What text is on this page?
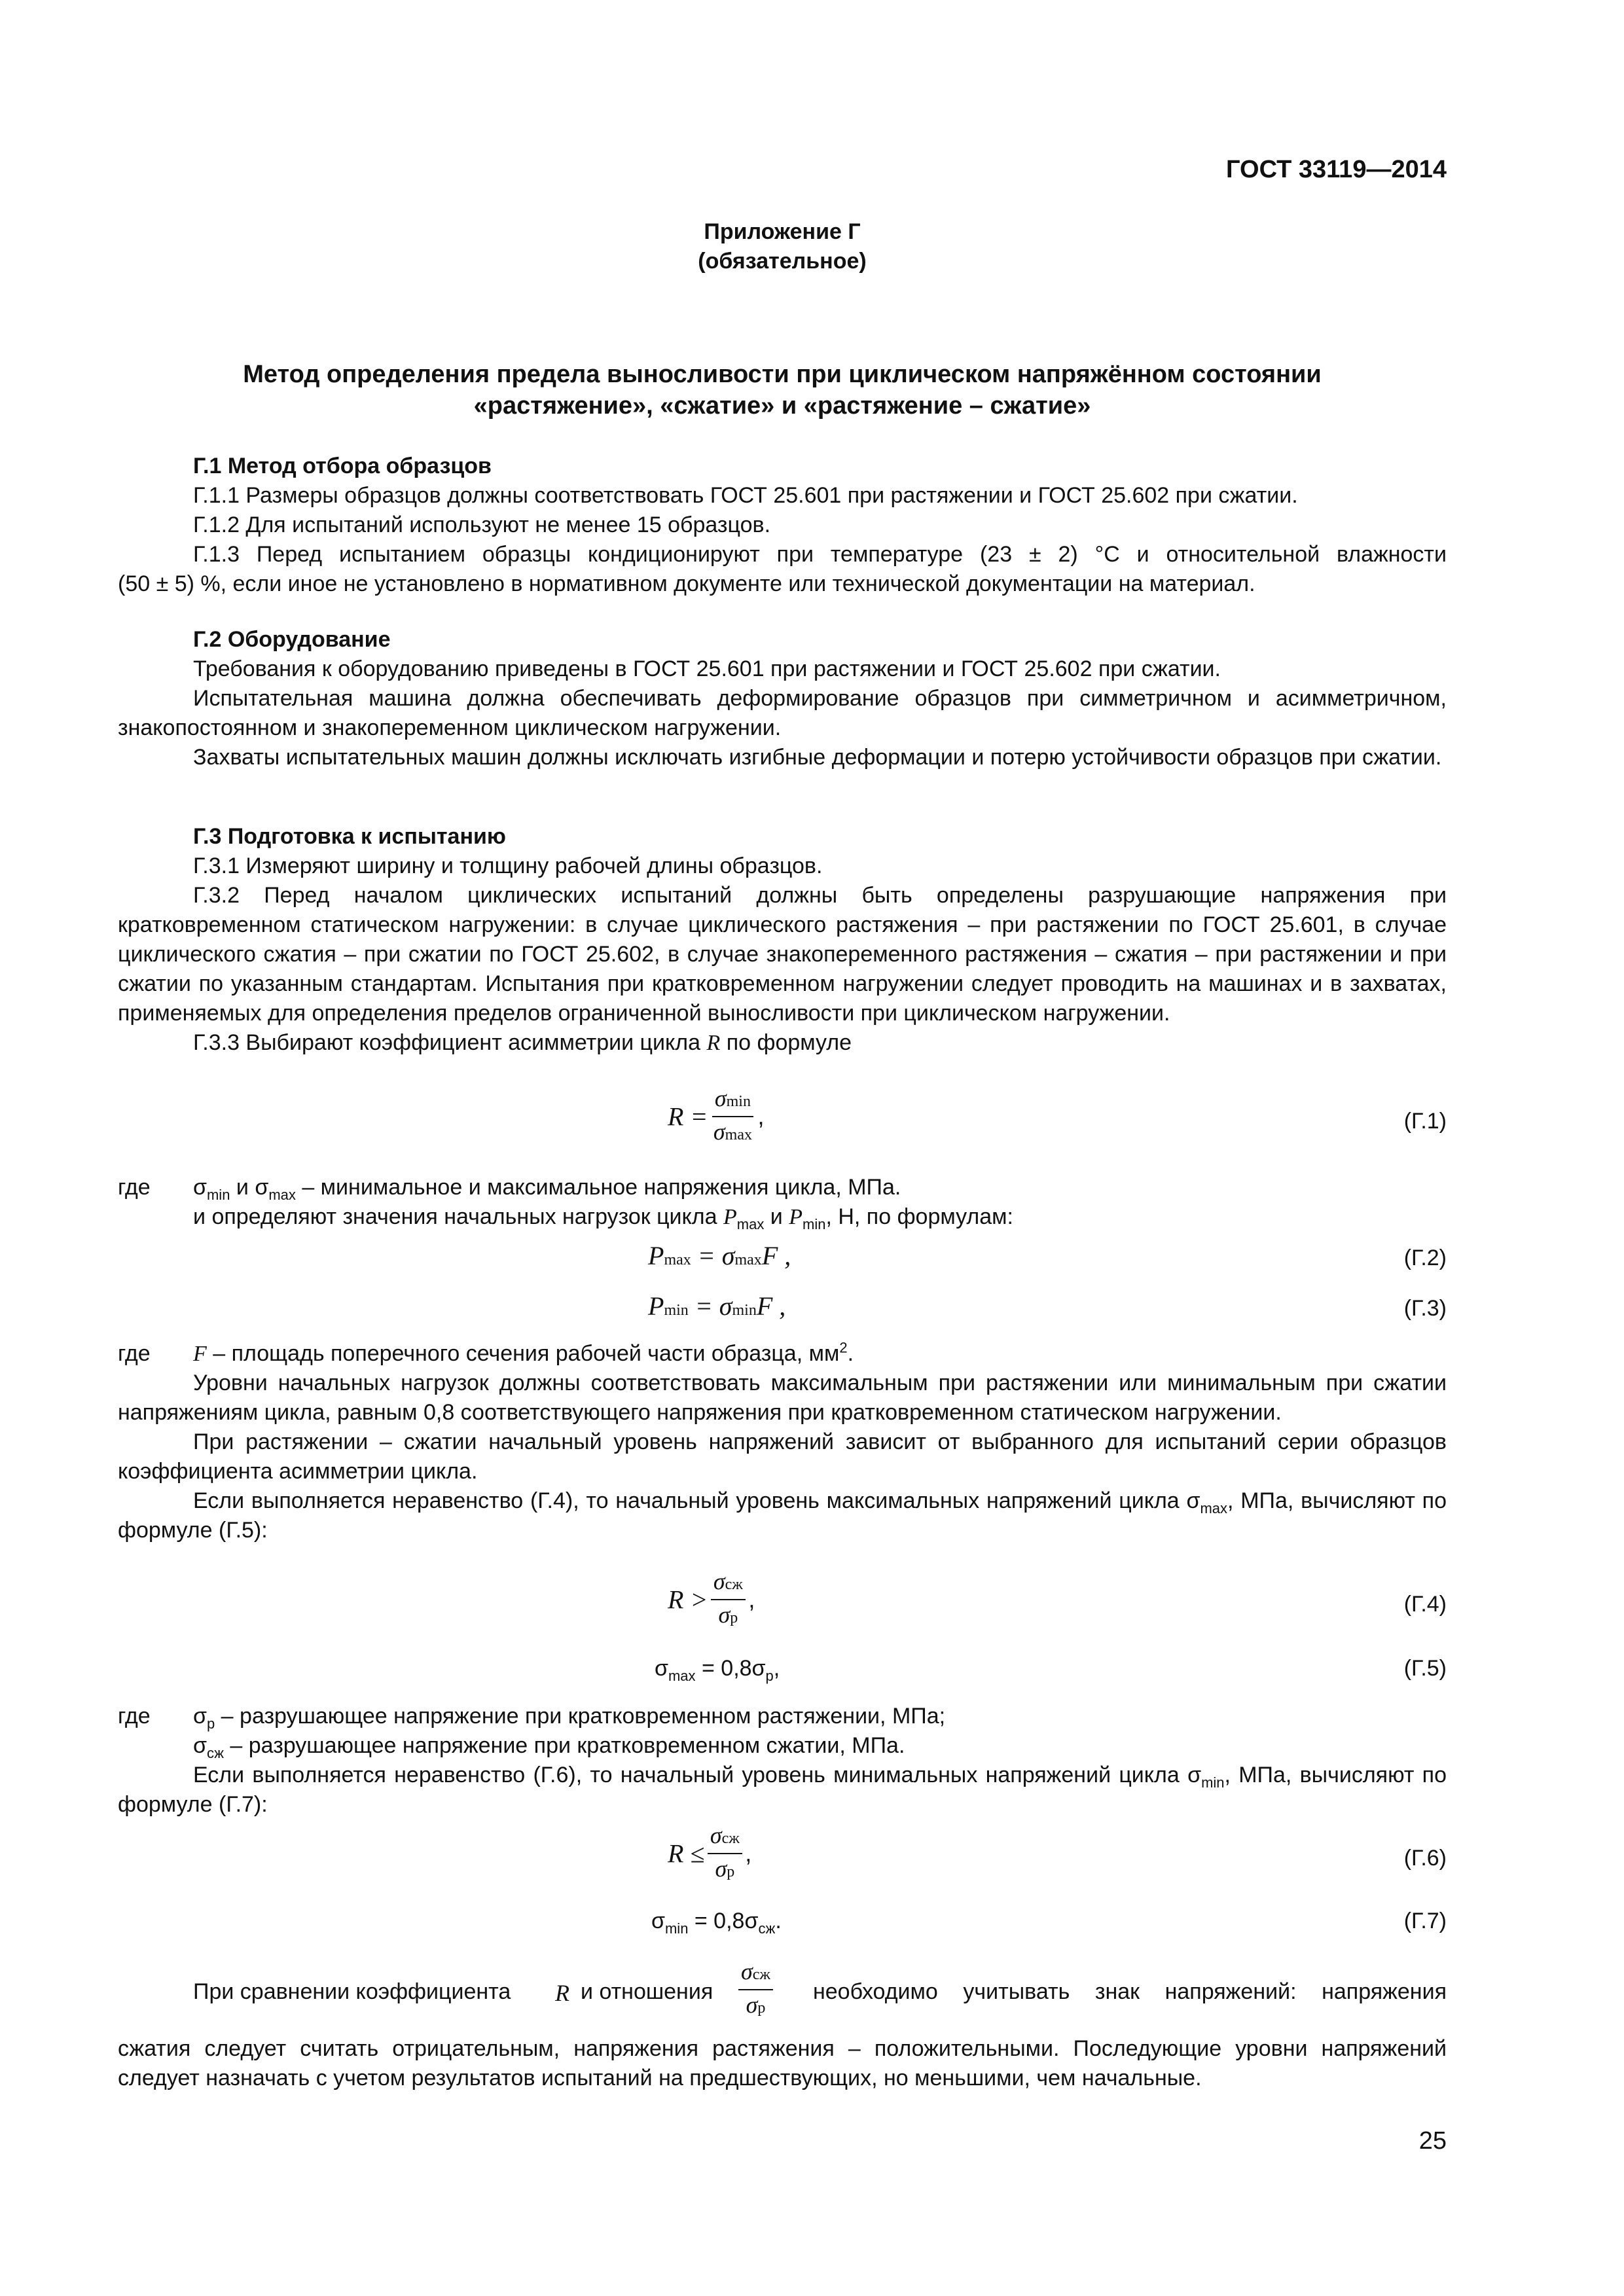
ГОСТ 33119—2014
Приложение Г
(обязательное)
Метод определения предела выносливости при циклическом напряжённом состоянии
«растяжение», «сжатие» и «растяжение – сжатие»

Г.1 Метод отбора образцов

Г.1.1 Размеры образцов должны соответствовать ГОСТ 25.601 при растяжении и ГОСТ 25.602 при сжатии.

Г.1.2 Для испытаний используют не менее 15 образцов.

Г.1.3 Перед испытанием образцы кондиционируют при температуре (23 ± 2) °С и относительной влажности

(50 ± 5) %, если иное не установлено в нормативном документе или технической документации на материал.

Г.2 Оборудование

Требования к оборудованию приведены в ГОСТ 25.601 при растяжении и ГОСТ 25.602 при сжатии.

Испытательная машина должна обеспечивать деформирование образцов при симметричном и асимметричном, знакопостоянном и знакопеременном циклическом нагружении.

Захваты испытательных машин должны исключать изгибные деформации и потерю устойчивости образцов при сжатии.

Г.3 Подготовка к испытанию

Г.3.1 Измеряют ширину и толщину рабочей длины образцов.

Г.3.2 Перед началом циклических испытаний должны быть определены разрушающие напряжения при кратковременном статическом нагружении: в случае циклического растяжения – при растяжении по ГОСТ 25.601, в случае циклического сжатия – при сжатии по ГОСТ 25.602, в случае знакопеременного растяжения – сжатия – при растяжении и при сжатии по указанным стандартам. Испытания при кратковременном нагружении следует проводить на машинах и в захватах, применяемых для определения пределов ограниченной выносливости при циклическом нагружении.

Г.3.3 Выбирают коэффициент асимметрии цикла R по формуле

$R = \frac{\sigma\min}{\sigma\max}$ ,	(Г.1)
где $\sigma_{min}$ и $\sigma_{max}$ – минимальное и максимальное напряжения цикла, МПа.
и определяют значения начальных нагрузок цикла $P_{max}$ и $P_{min}$, Н, по формулам:
Pmax = σmaxF ,	(Г.2)
Pmin = σminF ,	(Г.3)
где F – площадь поперечного сечения рабочей части образца, $мм^2$.

Уровни начальных нагрузок должны соответствовать максимальным при растяжении или минимальным при сжатии напряжениям цикла, равным 0,8 соответствующего напряжения при кратковременном статическом нагружении.

При растяжении – сжатии начальный уровень напряжений зависит от выбранного для испытаний серии образцов коэффициента асимметрии цикла.

Если выполняется неравенство (Г.4), то начальный уровень максимальных напряжений цикла $\sigma_{max}$, МПа, вычисляют по формуле (Г.5):

$R > \frac{\text{σсж}}{\sigma p}$ ,	(Г.4)
$\sigma_{max} = 0,8\sigma_р$,	(Г.5)
где $\sigma_р$ – разрушающее напряжение при кратковременном растяжении, МПа;
$\sigma_{сж}$ – разрушающее напряжение при кратковременном сжатии, МПа.

Если выполняется неравенство (Г.6), то начальный уровень минимальных напряжений цикла $\sigma_{min}$, МПа, вычисляют по формуле (Г.7):

$R \le \frac{\text{σсж}}{\sigma p}$ ,	(Г.6)
$\sigma_{min} = 0,8\sigma_{сж}$.	(Г.7)
При сравнении коэффициента R и отношения
σсж
σp
необходимо учитывать знак напряжений: напряжения

сжатия следует считать отрицательным, напряжения растяжения – положительными. Последующие уровни напряжений следует назначать с учетом результатов испытаний на предшествующих, но меньшими, чем начальные.

25
